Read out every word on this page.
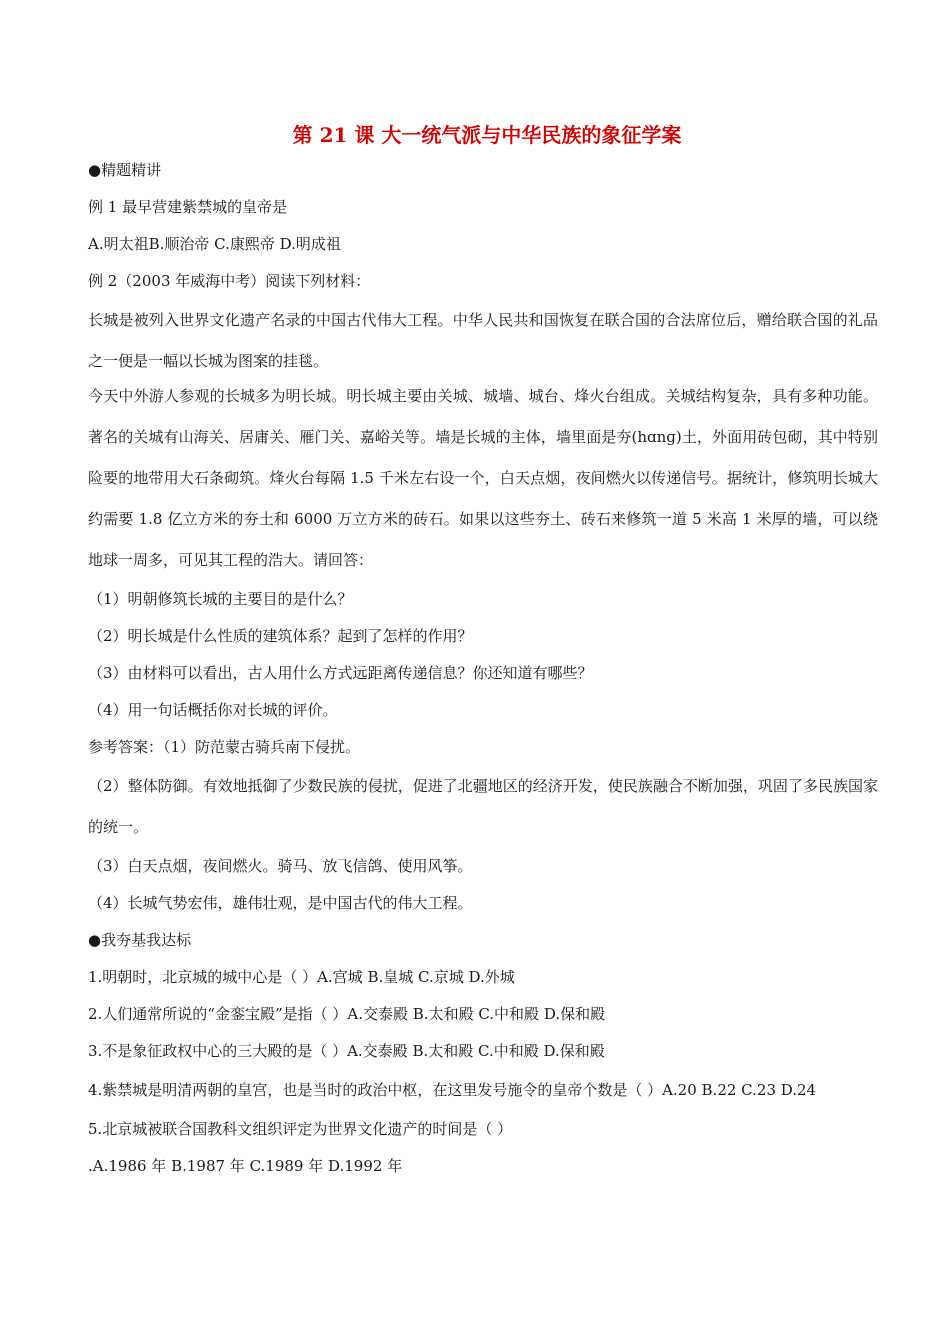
第 21 课 大一统气派与中华民族的象征学案

●精题精讲

例 1 最早营建紫禁城的皇帝是

A.明太祖B.顺治帝 C.康熙帝 D.明成祖

例 2（2003 年威海中考）阅读下列材料：

长城是被列入世界文化遗产名录的中国古代伟大工程。中华人民共和国恢复在联合国的合法席位后，赠给联合国的礼品之一便是一幅以长城为图案的挂毯。

今天中外游人参观的长城多为明长城。明长城主要由关城、城墙、城台、烽火台组成。关城结构复杂，具有多种功能。著名的关城有山海关、居庸关、雁门关、嘉峪关等。墙是长城的主体，墙里面是夯(hɑnɡ)土，外面用砖包砌，其中特别险要的地带用大石条砌筑。烽火台每隔 1.5 千米左右设一个，白天点烟，夜间燃火以传递信号。据统计，修筑明长城大约需要 1.8 亿立方米的夯土和 6000 万立方米的砖石。如果以这些夯土、砖石来修筑一道 5 米高 1 米厚的墙，可以绕地球一周多，可见其工程的浩大。请回答：

（1）明朝修筑长城的主要目的是什么？

（2）明长城是什么性质的建筑体系？起到了怎样的作用？

（3）由材料可以看出，古人用什么方式远距离传递信息？你还知道有哪些？

（4）用一句话概括你对长城的评价。

参考答案：（1）防范蒙古骑兵南下侵扰。

（2）整体防御。有效地抵御了少数民族的侵扰，促进了北疆地区的经济开发，使民族融合不断加强，巩固了多民族国家的统一。

（3）白天点烟，夜间燃火。骑马、放飞信鸽、使用风筝。

（4）长城气势宏伟，雄伟壮观，是中国古代的伟大工程。

●我夯基我达标

1.明朝时，北京城的城中心是（ ）A.宫城 B.皇城 C.京城 D.外城

2.人们通常所说的“金銮宝殿”是指（ ）A.交泰殿 B.太和殿 C.中和殿 D.保和殿

3.不是象征政权中心的三大殿的是（ ）A.交泰殿 B.太和殿 C.中和殿 D.保和殿

4.紫禁城是明清两朝的皇宫，也是当时的政治中枢，在这里发号施令的皇帝个数是（ ）A.20 B.22 C.23 D.24

5.北京城被联合国教科文组织评定为世界文化遗产的时间是（ ）

.A.1986 年 B.1987 年 C.1989 年 D.1992 年
